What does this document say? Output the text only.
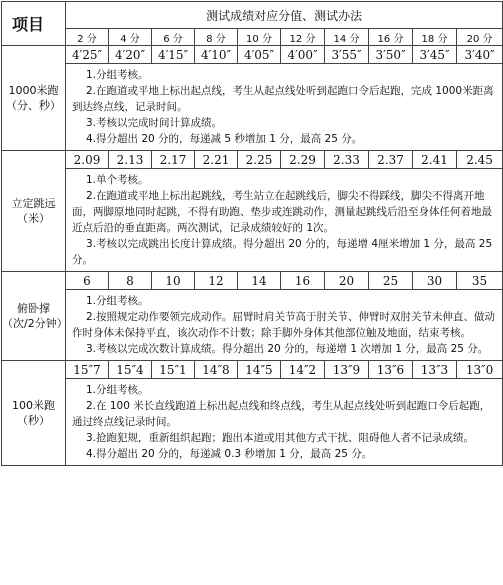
项目	测试成绩对应分值、测试办法									
	2 分	4 分	6 分	8 分	10 分	12 分	14 分	16 分	18 分	20 分
1000米跑（分、秒）	4′25″	4′20″	4′15″	4′10″	4′05″	4′00″	3′55″	3′50″	3′45″	3′40″

	1.分组考核。

2.在跑道或平地上标出起点线，考生从起点线处听到起跑口令后起跑，完成 1000米距离到达终点线，记录时间。

3.考核以完成时间计算成绩。

4.得分超出 20 分的，每递减 5 秒增加 1 分，最高 25 分。									

立定跳远（米）	2.09	2.13	2.17	2.21	2.25	2.29	2.33	2.37	2.41	2.45

	1.单个考核。

2.在跑道或平地上标出起跳线，考生站立在起跳线后，脚尖不得踩线，脚尖不得离开地面，两脚原地同时起跳，不得有助跑、垫步或连跳动作，测量起跳线后沿至身体任何着地最近点后沿的垂直距离。两次测试，记录成绩较好的 1次。

3.考核以完成跳出长度计算成绩。得分超出 20 分的，每递增 4厘米增加 1 分，最高 25 分。									

俯卧撑（次/2分钟）	6	8	10	12	14	16	20	25	30	35

	1.分组考核。

2.按照规定动作要领完成动作。屈臂时肩关节高于肘关节、伸臂时双肘关节未伸直、做动作时身体未保持平直，该次动作不计数；除手脚外身体其他部位触及地面，结束考核。

3.考核以完成次数计算成绩。得分超出 20 分的，每递增 1 次增加 1 分，最高 25 分。									

100米跑（秒）	15″7	15″4	15″1	14″8	14″5	14″2	13″9	13″6	13″3	13″0

	1.分组考核。

2.在 100 米长直线跑道上标出起点线和终点线，考生从起点线处听到起跑口令后起跑，通过终点线记录时间。

3.抢跑犯规，重新组织起跑；跑出本道或用其他方式干扰、阻碍他人者不记录成绩。

4.得分超出 20 分的，每递减 0.3 秒增加 1 分，最高 25 分。									
